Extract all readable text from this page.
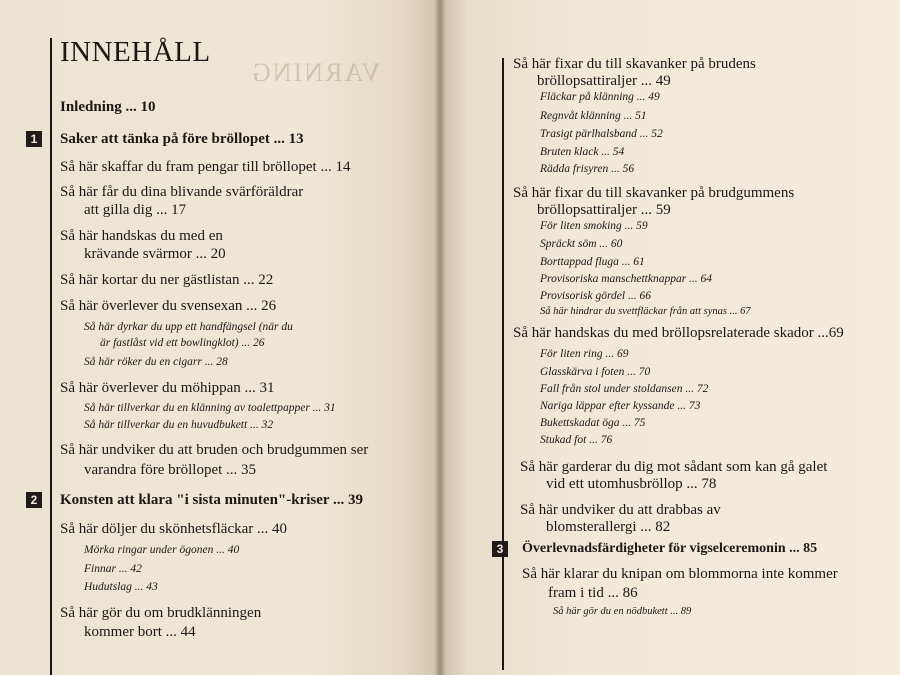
VARNING
INNEHÅLL
Inledning ... 10
1	Saker att tänka på före bröllopet ... 13
Så här skaffar du fram pengar till bröllopet ... 14
Så här får du dina blivande svärföräldrar
att gilla dig ... 17
Så här handskas du med en
krävande svärmor ... 20
Så här kortar du ner gästlistan ... 22
Så här överlever du svensexan ... 26
Så här dyrkar du upp ett handfängsel (när du
är fastlåst vid ett bowlingklot) ... 26
Så här röker du en cigarr ... 28
Så här överlever du möhippan ... 31
Så här tillverkar du en klänning av toalettpapper ... 31
Så här tillverkar du en huvudbukett ... 32
Så här undviker du att bruden och brudgummen ser
varandra före bröllopet ... 35
2	Konsten att klara "i sista minuten"-kriser ... 39
Så här döljer du skönhetsfläckar ... 40
Mörka ringar under ögonen ... 40
Finnar ... 42
Hudutslag ... 43
Så här gör du om brudklänningen
kommer bort ... 44
Så här fixar du till skavanker på brudens
bröllopsattiraljer ... 49
Fläckar på klänning ... 49
Regnvåt klänning ... 51
Trasigt pärlhalsband ... 52
Bruten klack ... 54
Rädda frisyren ... 56
Så här fixar du till skavanker på brudgummens
bröllopsattiraljer ... 59
För liten smoking ... 59
Spräckt söm ... 60
Borttappad fluga ... 61
Provisoriska manschettknappar ... 64
Provisorisk gördel ... 66
Så här hindrar du svettfläckar från att synas ... 67
Så här handskas du med bröllopsrelaterade skador ...69
För liten ring ... 69
Glasskärva i foten ... 70
Fall från stol under stoldansen ... 72
Nariga läppar efter kyssande ... 73
Bukettskadat öga ... 75
Stukad fot ... 76
Så här garderar du dig mot sådant som kan gå galet
vid ett utomhusbröllop ... 78
Så här undviker du att drabbas av
blomsterallergi ... 82
3	Överlevnadsfärdigheter för vigselceremonin ... 85
Så här klarar du knipan om blommorna inte kommer
fram i tid ... 86
Så här gör du en nödbukett ... 89
